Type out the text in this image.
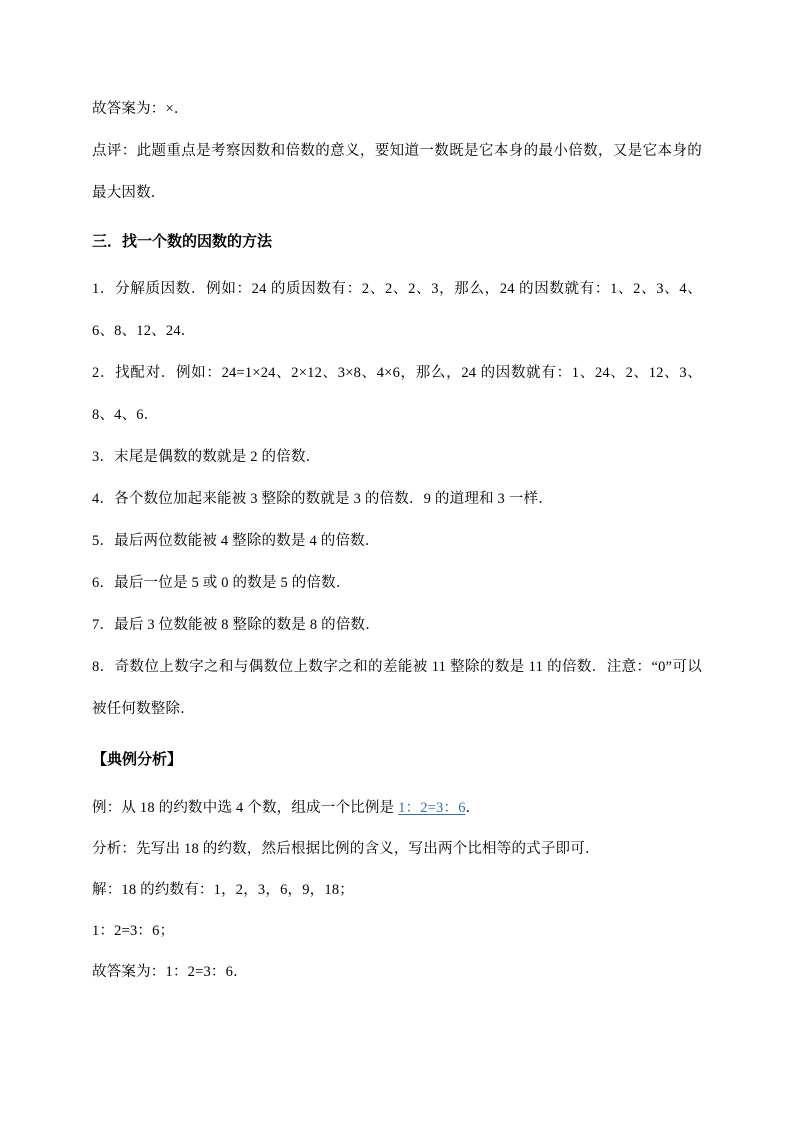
故答案为：×．

点评：此题重点是考察因数和倍数的意义，要知道一数既是它本身的最小倍数，又是它本身的最大因数．

三．找一个数的因数的方法

1．分解质因数．例如：24 的质因数有：2、2、2、3，那么，24 的因数就有：1、2、3、4、6、8、12、24．

2．找配对．例如：24=1×24、2×12、3×8、4×6，那么，24 的因数就有：1、24、2、12、3、8、4、6．

3．末尾是偶数的数就是 2 的倍数．

4．各个数位加起来能被 3 整除的数就是 3 的倍数．9 的道理和 3 一样．

5．最后两位数能被 4 整除的数是 4 的倍数．

6．最后一位是 5 或 0 的数是 5 的倍数．

7．最后 3 位数能被 8 整除的数是 8 的倍数．

8．奇数位上数字之和与偶数位上数字之和的差能被 11 整除的数是 11 的倍数．注意：“0”可以被任何数整除．

【典例分析】

例：从 18 的约数中选 4 个数，组成一个比例是 1：2=3：6．

分析：先写出 18 的约数，然后根据比例的含义，写出两个比相等的式子即可．

解：18 的约数有：1，2，3，6，9，18；

1：2=3：6；

故答案为：1：2=3：6．
